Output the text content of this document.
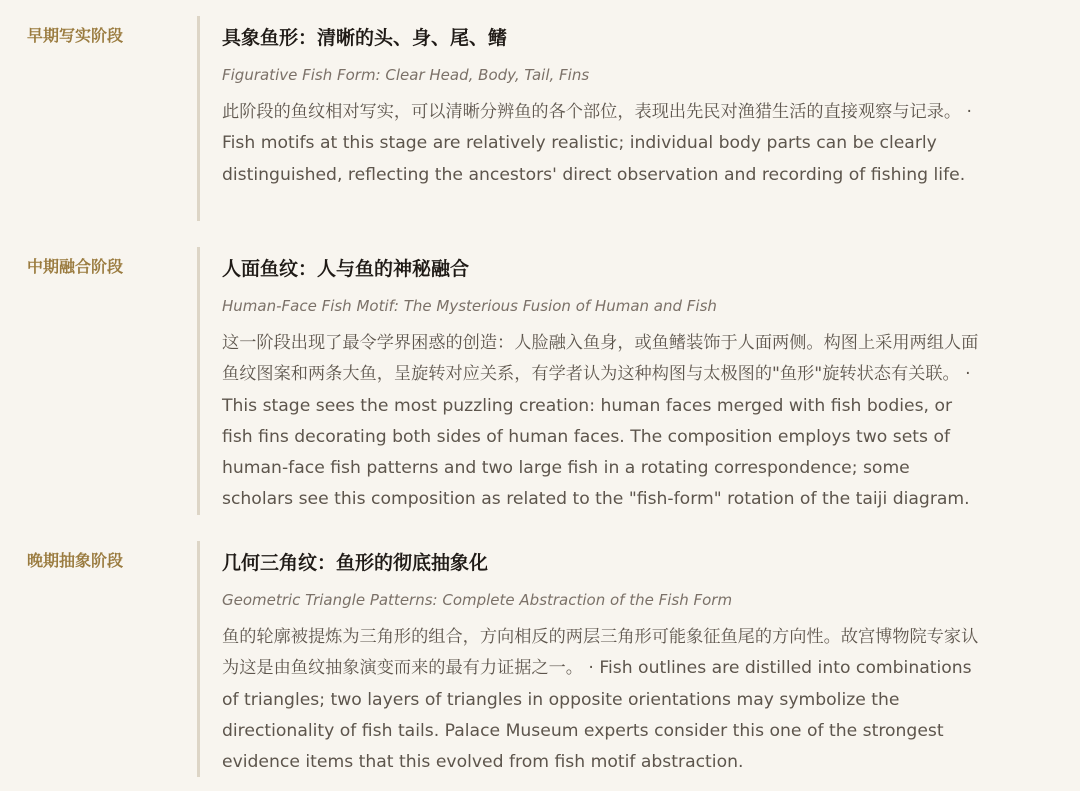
早期写实阶段	具象鱼形：清晰的头、身、尾、鳍

Figurative Fish Form: Clear Head, Body, Tail, Fins

此阶段的鱼纹相对写实，可以清晰分辨鱼的各个部位，表现出先民对渔猎生活的直接观察与记录。 · Fish motifs at this stage are relatively realistic; individual body parts can be clearly distinguished, reflecting the ancestors' direct observation and recording of fishing life.

中期融合阶段	人面鱼纹：人与鱼的神秘融合

Human-Face Fish Motif: The Mysterious Fusion of Human and Fish

这一阶段出现了最令学界困惑的创造：人脸融入鱼身，或鱼鳍装饰于人面两侧。构图上采用两组人面鱼纹图案和两条大鱼，呈旋转对应关系，有学者认为这种构图与太极图的"鱼形"旋转状态有关联。 · This stage sees the most puzzling creation: human faces merged with fish bodies, or fish fins decorating both sides of human faces. The composition employs two sets of human-face fish patterns and two large fish in a rotating correspondence; some scholars see this composition as related to the "fish-form" rotation of the taiji diagram.

晚期抽象阶段	几何三角纹：鱼形的彻底抽象化

Geometric Triangle Patterns: Complete Abstraction of the Fish Form

鱼的轮廓被提炼为三角形的组合，方向相反的两层三角形可能象征鱼尾的方向性。故宫博物院专家认为这是由鱼纹抽象演变而来的最有力证据之一。 · Fish outlines are distilled into combinations of triangles; two layers of triangles in opposite orientations may symbolize the directionality of fish tails. Palace Museum experts consider this one of the strongest evidence items that this evolved from fish motif abstraction.
